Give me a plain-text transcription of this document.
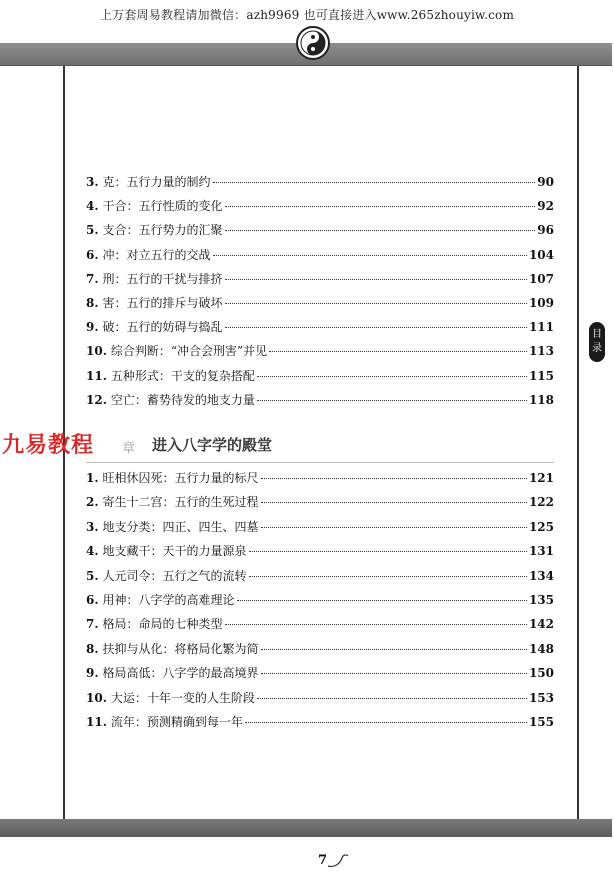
上万套周易教程请加微信：azh9969 也可直接进入www.265zhouyiw.com
目
录
3. 克：五行力量的制约	90
4. 干合：五行性质的变化	92
5. 支合：五行势力的汇聚	96
6. 冲：对立五行的交战	104
7. 刑：五行的干扰与排挤	107
8. 害：五行的排斥与破坏	109
9. 破：五行的妨碍与捣乱	111
10. 综合判断：“冲合会刑害”并见	113
11. 五种形式：干支的复杂搭配	115
12. 空亡：蓄势待发的地支力量	118
九易教程 章 进入八字学的殿堂
1. 旺相休囚死：五行力量的标尺	121
2. 寄生十二宫：五行的生死过程	122
3. 地支分类：四正、四生、四墓	125
4. 地支藏干：天干的力量源泉	131
5. 人元司令：五行之气的流转	134
6. 用神：八字学的高难理论	135
7. 格局：命局的七种类型	142
8. 扶抑与从化：将格局化繁为简	148
9. 格局高低：八字学的最高境界	150
10. 大运：十年一变的人生阶段	153
11. 流年：预测精确到每一年	155
7
